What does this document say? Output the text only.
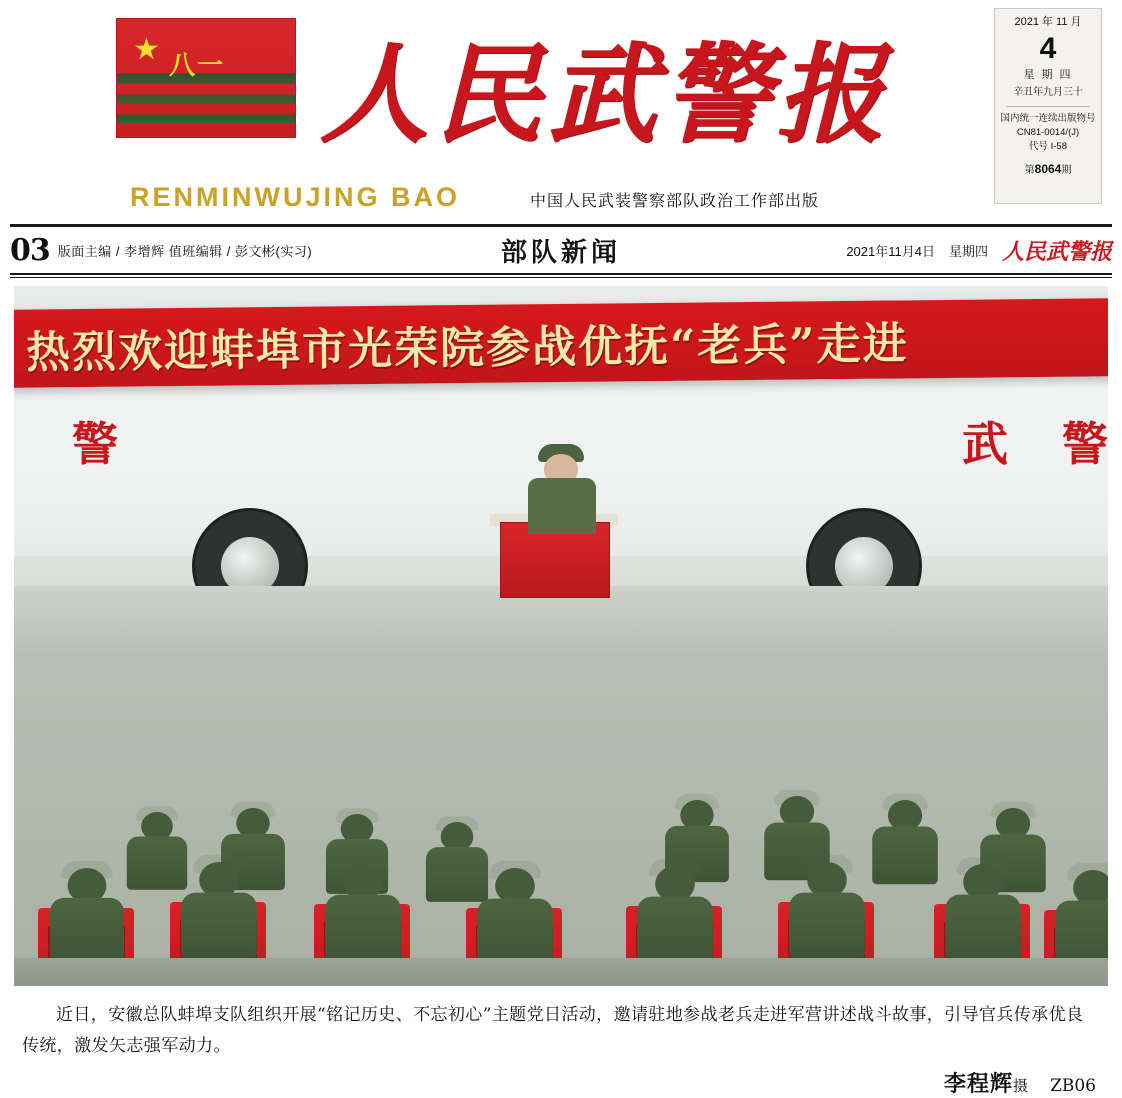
★ 八一 人民武警报
RENMINWUJING BAO	中国人民武装警察部队政治工作部出版
2021 年 11 月
4
星 期 四
辛丑年九月三十
国内统一连续出版物号
CN81-0014/(J)
代号 I-58
第8064期
03 版面主编 / 李增辉 值班编辑 / 彭文彬(实习)	部队新闻	2021年11月4日 星期四 人民武警报
警	武 警
热烈欢迎蚌埠市光荣院参战优抚“老兵”走进
近日，安徽总队蚌埠支队组织开展“铭记历史、不忘初心”主题党日活动，邀请驻地参战老兵走进军营讲述战斗故事，引导官兵传承优良传统，激发矢志强军动力。
李程辉摄 ZB06
